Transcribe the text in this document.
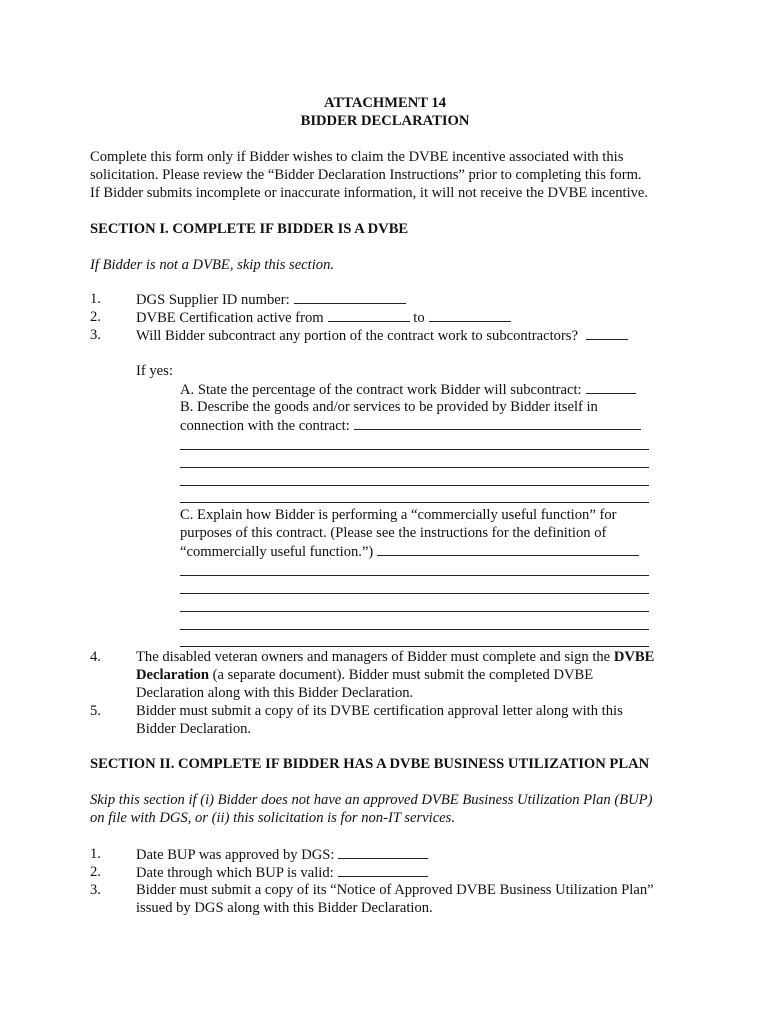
ATTACHMENT 14
BIDDER DECLARATION
Complete this form only if Bidder wishes to claim the DVBE incentive associated with this
solicitation. Please review the “Bidder Declaration Instructions” prior to completing this form.
If Bidder submits incomplete or inaccurate information, it will not receive the DVBE incentive.
SECTION I. COMPLETE IF BIDDER IS A DVBE
If Bidder is not a DVBE, skip this section.
1. DGS Supplier ID number:
2. DVBE Certification active from	to
3. Will Bidder subcontract any portion of the contract work to subcontractors?
If yes:
A. State the percentage of the contract work Bidder will subcontract:
B. Describe the goods and/or services to be provided by Bidder itself in
connection with the contract:
C. Explain how Bidder is performing a “commercially useful function” for
purposes of this contract. (Please see the instructions for the definition of
“commercially useful function.”)
4. The disabled veteran owners and managers of Bidder must complete and sign the DVBE
Declaration (a separate document). Bidder must submit the completed DVBE
Declaration along with this Bidder Declaration.
5. Bidder must submit a copy of its DVBE certification approval letter along with this
Bidder Declaration.
SECTION II. COMPLETE IF BIDDER HAS A DVBE BUSINESS UTILIZATION PLAN
Skip this section if (i) Bidder does not have an approved DVBE Business Utilization Plan (BUP)
on file with DGS, or (ii) this solicitation is for non-IT services.
1. Date BUP was approved by DGS:
2. Date through which BUP is valid:
3. Bidder must submit a copy of its “Notice of Approved DVBE Business Utilization Plan”
issued by DGS along with this Bidder Declaration.
